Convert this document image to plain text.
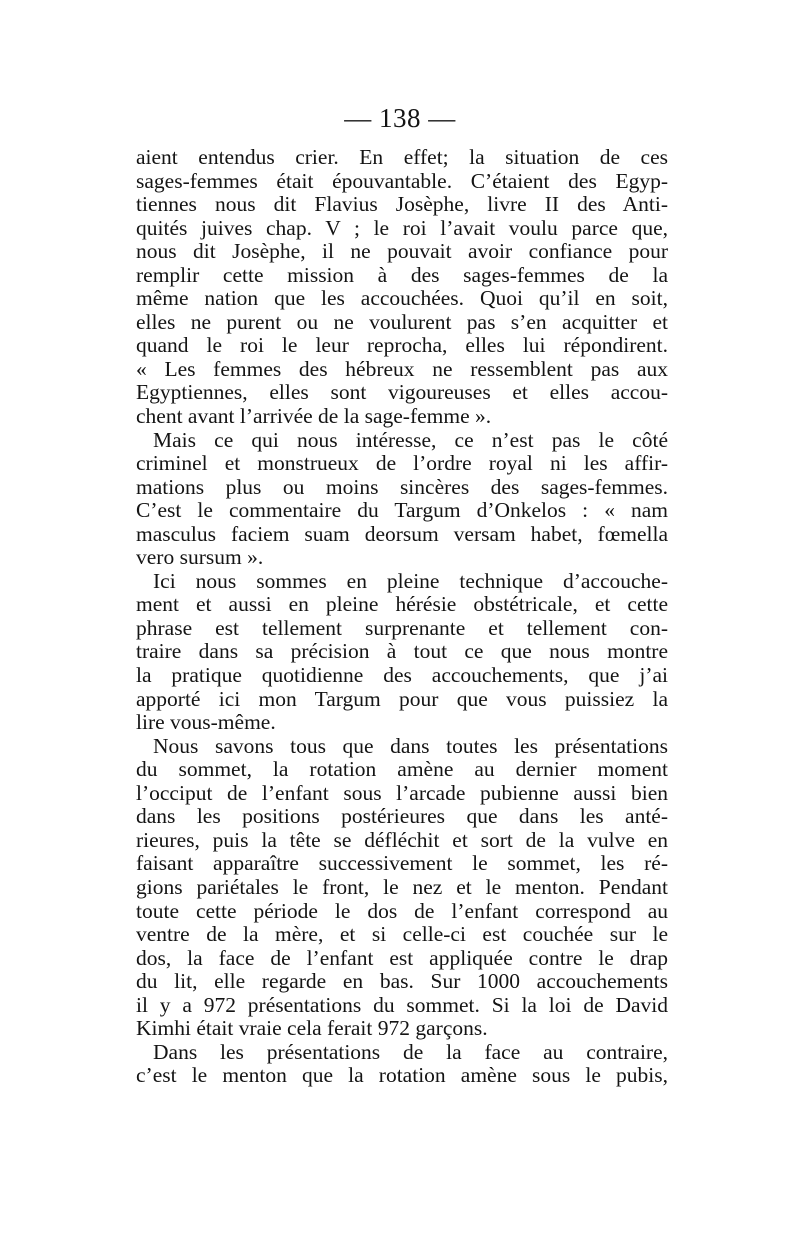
— 138 —
aient entendus crier. En effet; la situation de ces
sages-femmes était épouvantable. C’étaient des Egyp-
tiennes nous dit Flavius Josèphe, livre II des Anti-
quités juives chap. V ; le roi l’avait voulu parce que,
nous dit Josèphe, il ne pouvait avoir confiance pour
remplir cette mission à des sages-femmes de la
même nation que les accouchées. Quoi qu’il en soit,
elles ne purent ou ne voulurent pas s’en acquitter et
quand le roi le leur reprocha, elles lui répondirent.
« Les femmes des hébreux ne ressemblent pas aux
Egyptiennes, elles sont vigoureuses et elles accou-
chent avant l’arrivée de la sage-femme ».
Mais ce qui nous intéresse, ce n’est pas le côté
criminel et monstrueux de l’ordre royal ni les affir-
mations plus ou moins sincères des sages-femmes.
C’est le commentaire du Targum d’Onkelos : « nam
masculus faciem suam deorsum versam habet, fœmella
vero sursum ».
Ici nous sommes en pleine technique d’accouche-
ment et aussi en pleine hérésie obstétricale, et cette
phrase est tellement surprenante et tellement con-
traire dans sa précision à tout ce que nous montre
la pratique quotidienne des accouchements, que j’ai
apporté ici mon Targum pour que vous puissiez la
lire vous-même.
Nous savons tous que dans toutes les présentations
du sommet, la rotation amène au dernier moment
l’occiput de l’enfant sous l’arcade pubienne aussi bien
dans les positions postérieures que dans les anté-
rieures, puis la tête se défléchit et sort de la vulve en
faisant apparaître successivement le sommet, les ré-
gions pariétales le front, le nez et le menton. Pendant
toute cette période le dos de l’enfant correspond au
ventre de la mère, et si celle-ci est couchée sur le
dos, la face de l’enfant est appliquée contre le drap
du lit, elle regarde en bas. Sur 1000 accouchements
il y a 972 présentations du sommet. Si la loi de David
Kimhi était vraie cela ferait 972 garçons.
Dans les présentations de la face au contraire,
c’est le menton que la rotation amène sous le pubis,
